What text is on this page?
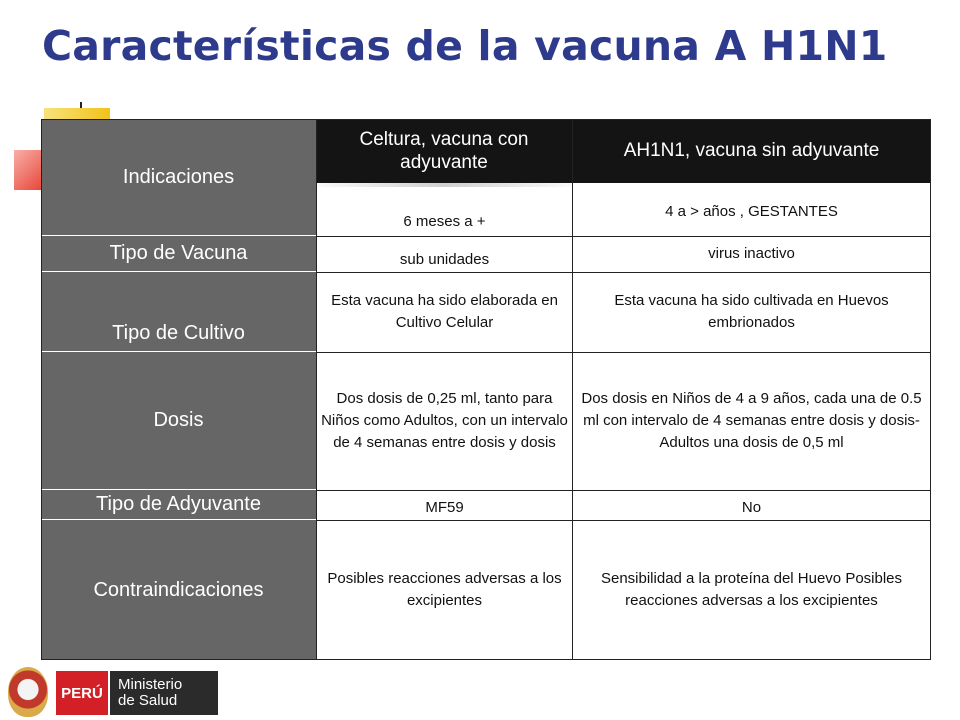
Características de la vacuna A H1N1
Indicaciones
Tipo de Vacuna
Tipo de Cultivo
Dosis
Tipo de Adyuvante
Contraindicaciones
Celtura, vacuna con adyuvante
AH1N1, vacuna sin adyuvante
6 meses a +
4 a > años , GESTANTES
sub unidades	virus inactivo
Esta vacuna ha sido elaborada en Cultivo Celular
Esta vacuna ha sido cultivada en Huevos embrionados
Dos dosis de 0,25 ml, tanto para Niños como Adultos, con un intervalo de 4 semanas entre dosis y dosis
Dos dosis en Niños de 4 a 9 años, cada una de 0.5 ml con intervalo de 4 semanas entre dosis y dosis- Adultos una dosis de 0,5 ml
MF59	No
Posibles reacciones adversas a los excipientes
Sensibilidad a la proteína del Huevo Posibles reacciones adversas a los excipientes
PERÚ
Ministerio
de Salud
